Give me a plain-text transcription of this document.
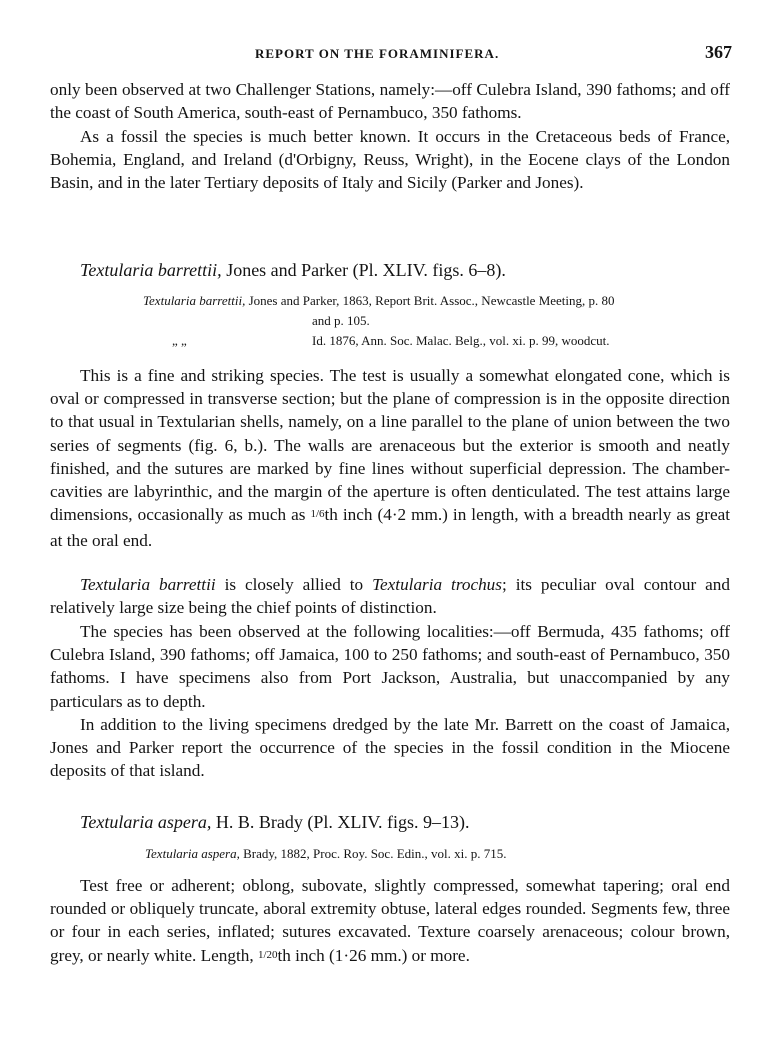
REPORT ON THE FORAMINIFERA.	367

only been observed at two Challenger Stations, namely:—off Culebra Island, 390 fathoms; and off the coast of South America, south-east of Pernambuco, 350 fathoms.

As a fossil the species is much better known. It occurs in the Cretaceous beds of France, Bohemia, England, and Ireland (d'Orbigny, Reuss, Wright), in the Eocene clays of the London Basin, and in the later Tertiary deposits of Italy and Sicily (Parker and Jones).

Textularia barrettii, Jones and Parker (Pl. XLIV. figs. 6–8).
Textularia barrettii, Jones and Parker, 1863, Report Brit. Assoc., Newcastle Meeting, p. 80
and p. 105.
„ „	Id. 1876, Ann. Soc. Malac. Belg., vol. xi. p. 99, woodcut.

This is a fine and striking species. The test is usually a somewhat elongated cone, which is oval or compressed in transverse section; but the plane of compression is in the opposite direction to that usual in Textularian shells, namely, on a line parallel to the plane of union between the two series of segments (fig. 6, b.). The walls are arenaceous but the exterior is smooth and neatly finished, and the sutures are marked by fine lines without superficial depression. The chamber-cavities are labyrinthic, and the margin of the aperture is often denticulated. The test attains large dimensions, occasionally as much as 1/6th inch (4·2 mm.) in length, with a breadth nearly as great at the oral end.

Textularia barrettii is closely allied to Textularia trochus; its peculiar oval contour and relatively large size being the chief points of distinction.

The species has been observed at the following localities:—off Bermuda, 435 fathoms; off Culebra Island, 390 fathoms; off Jamaica, 100 to 250 fathoms; and south-east of Pernambuco, 350 fathoms. I have specimens also from Port Jackson, Australia, but unaccompanied by any particulars as to depth.

In addition to the living specimens dredged by the late Mr. Barrett on the coast of Jamaica, Jones and Parker report the occurrence of the species in the fossil condition in the Miocene deposits of that island.

Textularia aspera, H. B. Brady (Pl. XLIV. figs. 9–13).
Textularia aspera, Brady, 1882, Proc. Roy. Soc. Edin., vol. xi. p. 715.

Test free or adherent; oblong, subovate, slightly compressed, somewhat tapering; oral end rounded or obliquely truncate, aboral extremity obtuse, lateral edges rounded. Segments few, three or four in each series, inflated; sutures excavated. Texture coarsely arenaceous; colour brown, grey, or nearly white. Length, 1/20th inch (1·26 mm.) or more.
